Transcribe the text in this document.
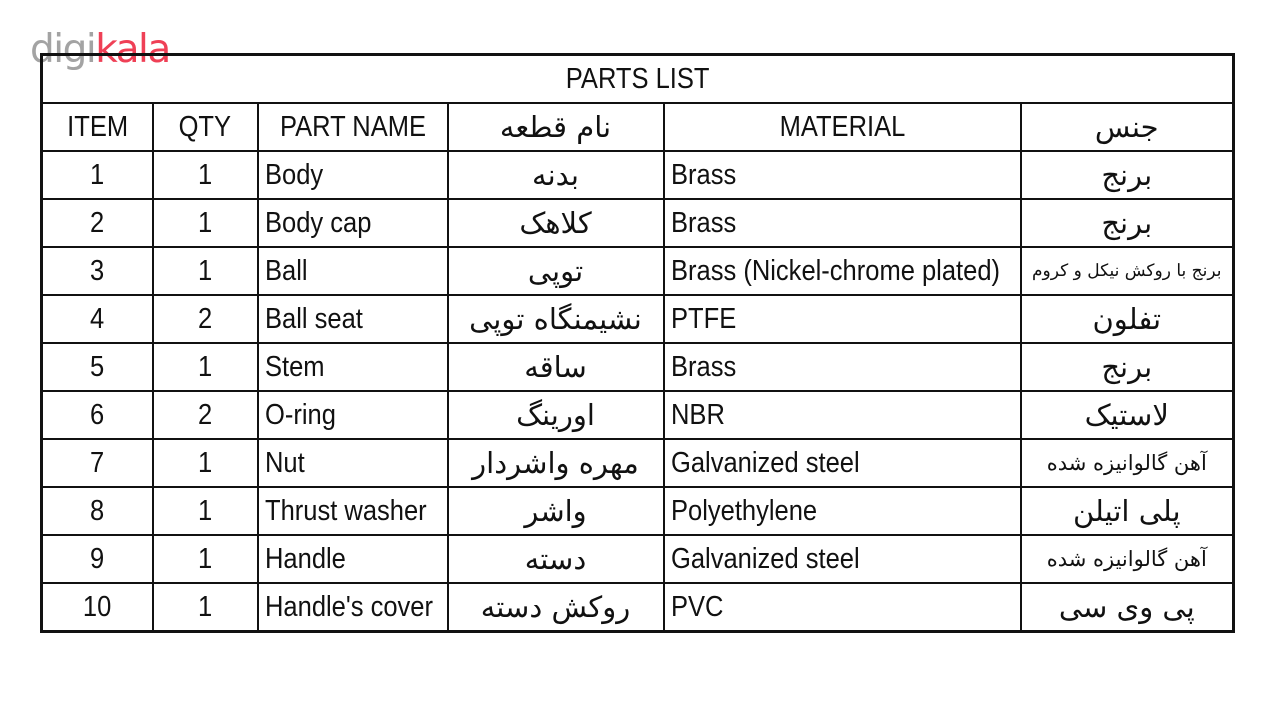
digikala
PARTS LIST					
ITEM	QTY	PART NAME	نام قطعه	MATERIAL	جنس
1	1	Body	بدنه	Brass	برنج
2	1	Body cap	کلاهک	Brass	برنج
3	1	Ball	توپی	Brass (Nickel-chrome plated)	برنج با روکش نیکل و کروم
4	2	Ball seat	نشیمنگاه توپی	PTFE	تفلون
5	1	Stem	ساقه	Brass	برنج
6	2	O-ring	اورینگ	NBR	لاستیک
7	1	Nut	مهره واشردار	Galvanized steel	آهن گالوانیزه شده
8	1	Thrust washer	واشر	Polyethylene	پلی اتیلن
9	1	Handle	دسته	Galvanized steel	آهن گالوانیزه شده
10	1	Handle's cover	روکش دسته	PVC	پی وی سی
